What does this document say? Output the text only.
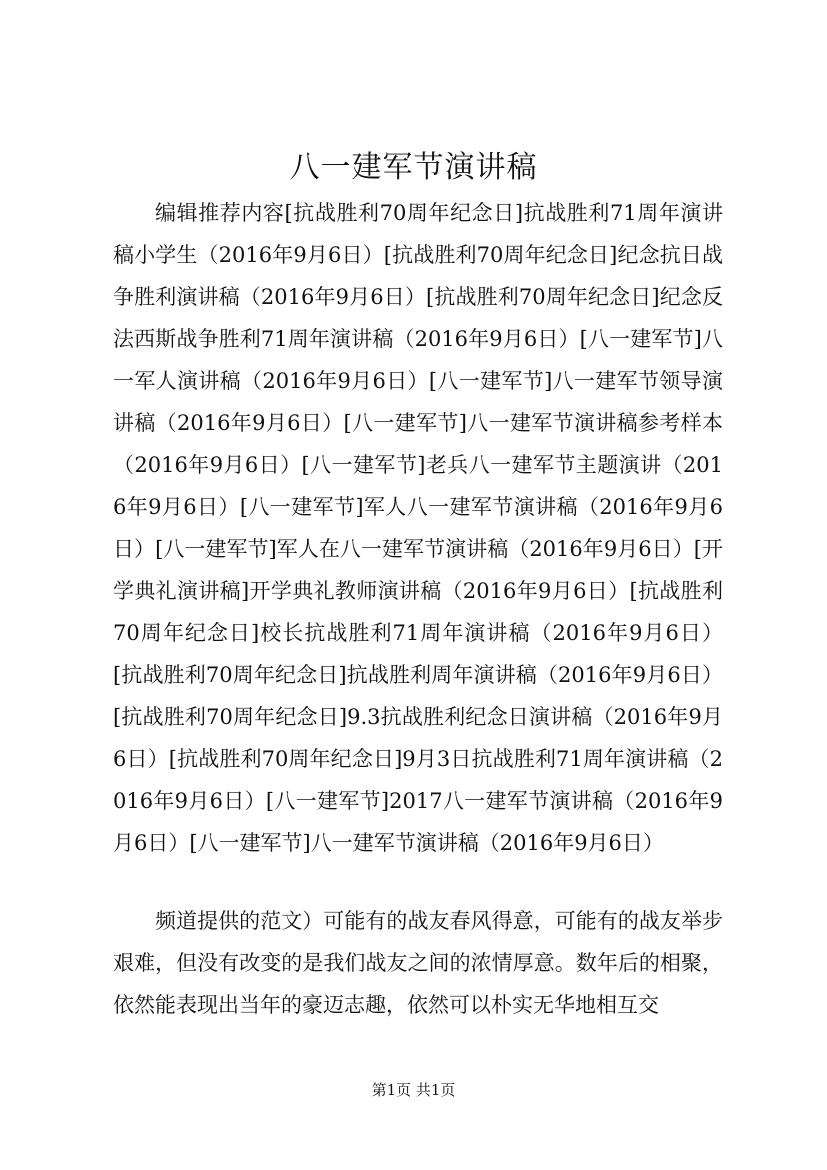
八一建军节演讲稿

编辑推荐内容[抗战胜利70周年纪念日]抗战胜利71周年演讲稿小学生（2016年9月6日）[抗战胜利70周年纪念日]纪念抗日战争胜利演讲稿（2016年9月6日）[抗战胜利70周年纪念日]纪念反法西斯战争胜利71周年演讲稿（2016年9月6日）[八一建军节]八一军人演讲稿（2016年9月6日）[八一建军节]八一建军节领导演讲稿（2016年9月6日）[八一建军节]八一建军节演讲稿参考样本（2016年9月6日）[八一建军节]老兵八一建军节主题演讲（2016年9月6日）[八一建军节]军人八一建军节演讲稿（2016年9月6日）[八一建军节]军人在八一建军节演讲稿（2016年9月6日）[开学典礼演讲稿]开学典礼教师演讲稿（2016年9月6日）[抗战胜利70周年纪念日]校长抗战胜利71周年演讲稿（2016年9月6日）[抗战胜利70周年纪念日]抗战胜利周年演讲稿（2016年9月6日）[抗战胜利70周年纪念日]9.3抗战胜利纪念日演讲稿（2016年9月6日）[抗战胜利70周年纪念日]9月3日抗战胜利71周年演讲稿（2016年9月6日）[八一建军节]2017八一建军节演讲稿（2016年9月6日）[八一建军节]八一建军节演讲稿（2016年9月6日）

频道提供的范文）可能有的战友春风得意，可能有的战友举步艰难，但没有改变的是我们战友之间的浓情厚意。数年后的相聚，依然能表现出当年的豪迈志趣，依然可以朴实无华地相互交

第1页 共1页
